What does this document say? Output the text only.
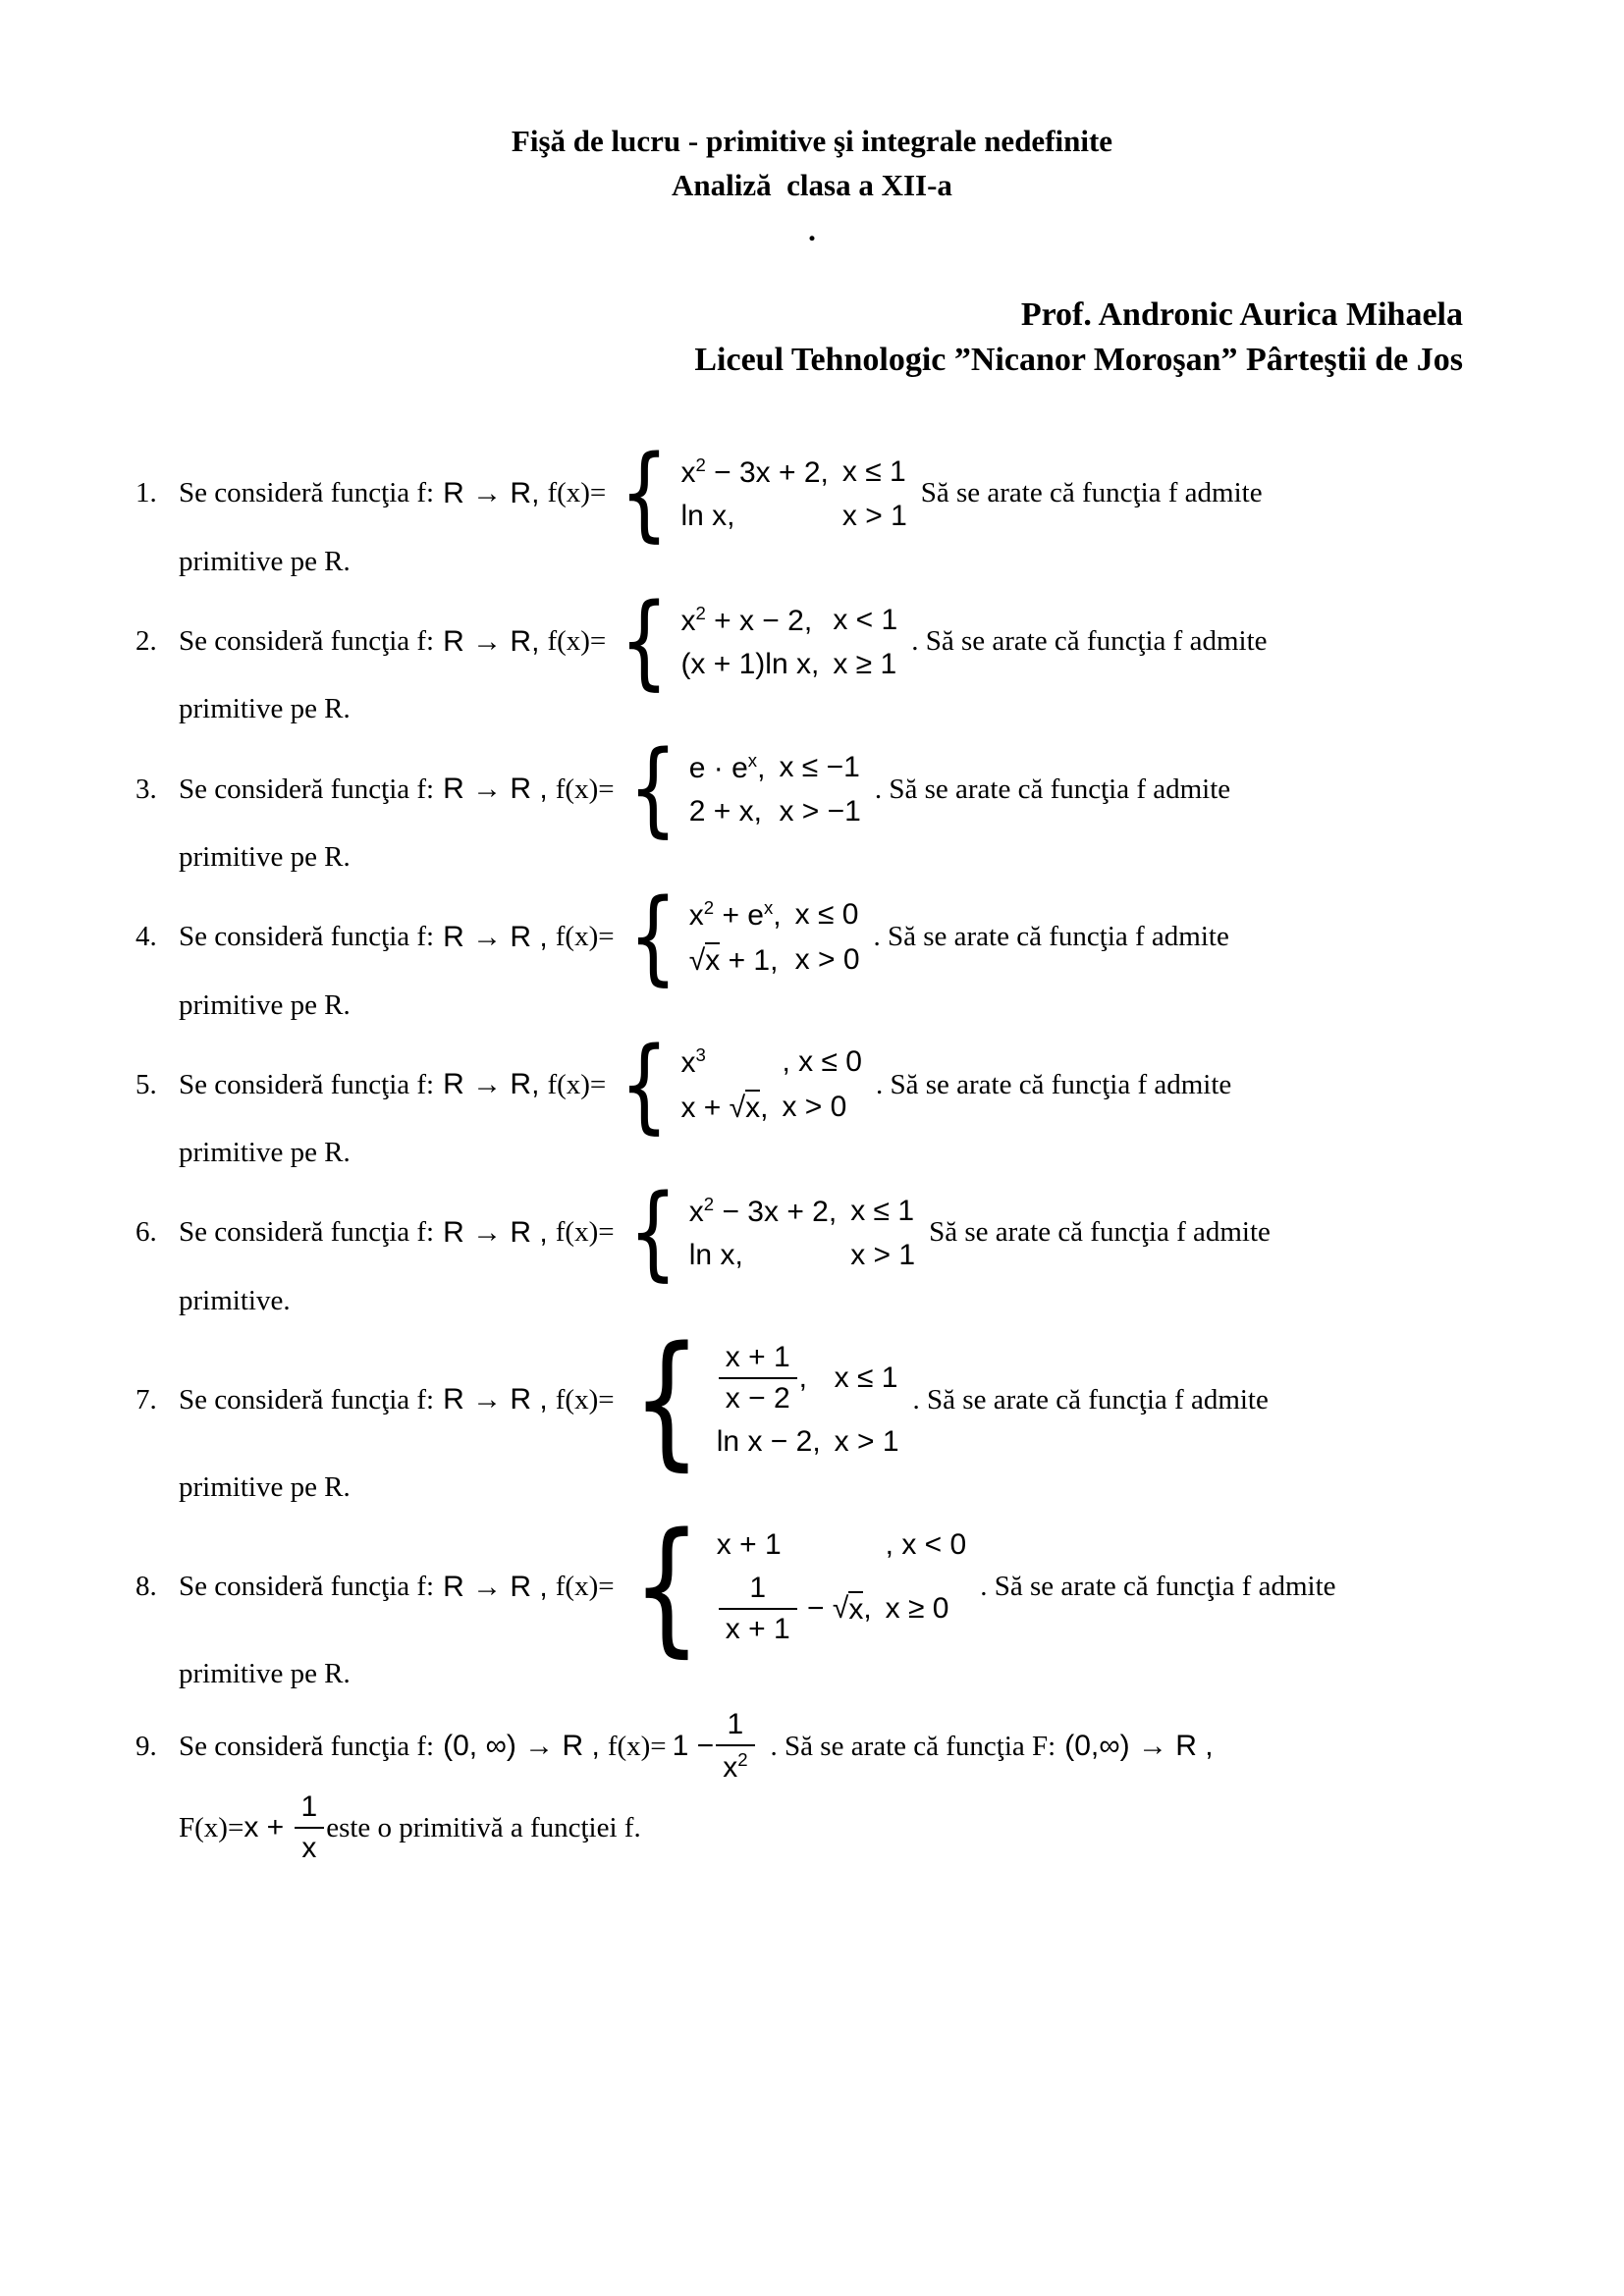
Fişă de lucru - primitive şi integrale nedefinite
Analiză  clasa a XII-a
.
Prof. Andronic Aurica Mihaela
Liceul Tehnologic ”Nicanor Moroşan” Pârteştii de Jos
1. Se consideră funcţia f: R → R, f(x)= { $x^2 - 3x + 2$,	x ≤ 1
ln x,	x > 1
Să se arate că funcţia f admite
primitive pe R.
2. Se consideră funcţia f: R → R, f(x)= { $x^2 + x - 2$,	x < 1
(x + 1)ln x,	x ≥ 1
. Să se arate că funcţia f admite
primitive pe R.
3. Se consideră funcţia f: R → R , f(x)= { $e \cdot e^x$,	x ≤ −1
2 + x,	x > −1
. Să se arate că funcţia f admite
primitive pe R.
4. Se consideră funcţia f: R → R , f(x)= { $x^2 + e^x$,	x ≤ 0
√x + 1,	x > 0
. Să se arate că funcţia f admite
primitive pe R.
5. Se consideră funcţia f: R → R, f(x)= { $x^3$	, x ≤ 0
x + √x,	x > 0
. Să se arate că funcţia f admite
primitive pe R.
6. Se consideră funcţia f: R → R , f(x)= { $x^2 - 3x + 2$,	x ≤ 1
ln x,	x > 1
Să se arate că funcţia f admite
primitive.
7. Se consideră funcţia f: R → R , f(x)= { $\frac{x + 1}{x - 2}$ ,	x ≤ 1
ln x − 2,	x > 1
. Să se arate că funcţia f admite
primitive pe R.
8. Se consideră funcţia f: R → R , f(x)= { x + 1	, x < 0

$\frac{1}{x + 1}$ − √ x ,	x ≥ 0
. Să se arate că funcţia f admite
primitive pe R.
9. Se consideră funcţia f: (0, ∞) → R , $f(x)= 1 - \frac{1}{x^2}$ . Să se arate că funcţia F: (0,∞) → R ,
$F(x)= x + \frac{1}{x}$ este o primitivă a funcţiei f.
